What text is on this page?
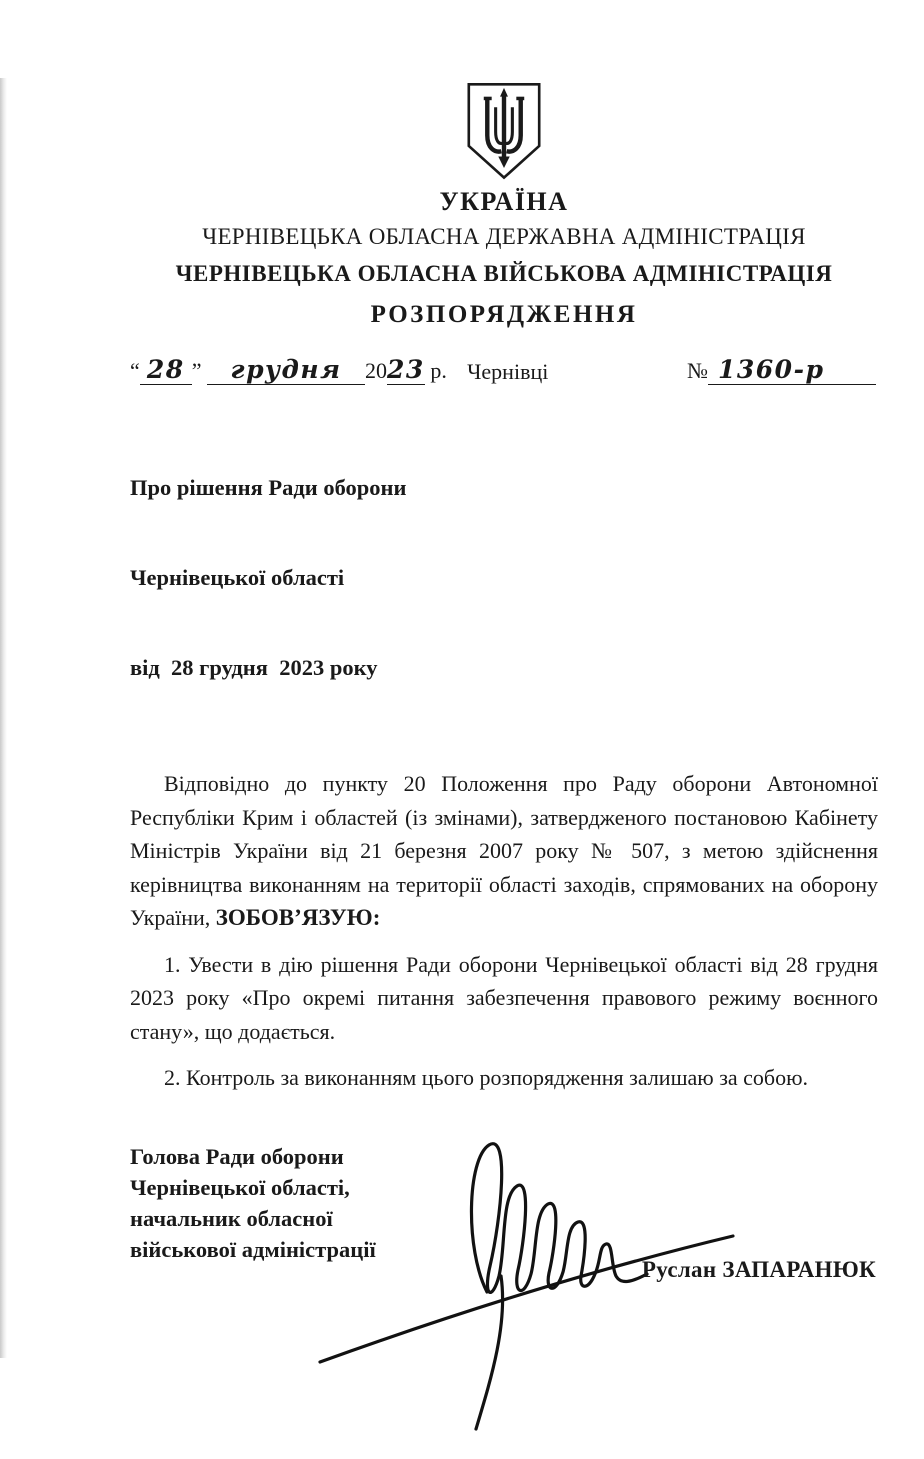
УКРАЇНА
ЧЕРНІВЕЦЬКА ОБЛАСНА ДЕРЖАВНА АДМІНІСТРАЦІЯ
ЧЕРНІВЕЦЬКА ОБЛАСНА ВІЙСЬКОВА АДМІНІСТРАЦІЯ
РОЗПОРЯДЖЕННЯ
“ 28 ” грудня 2023 р. Чернівці	№ 1360-р

Про рішення Ради оборони

Чернівецької області

від  28 грудня  2023 року

Відповідно до пункту 20 Положення про Раду оборони Автономної Республіки Крим і областей (із змінами), затвердженого постановою Кабінету Міністрів України від 21 березня 2007 року № 507, з метою здійснення керівництва виконанням на території області заходів, спрямованих на оборону України, ЗОБОВ’ЯЗУЮ:

1. Увести в дію рішення Ради оборони Чернівецької області від 28 грудня 2023 року «Про окремі питання забезпечення правового режиму воєнного стану», що додається.

2. Контроль за виконанням цього розпорядження залишаю за собою.

Голова Ради оборони
Чернівецької області,
начальник обласної
військової адміністрації
Руслан ЗАПАРАНЮК
